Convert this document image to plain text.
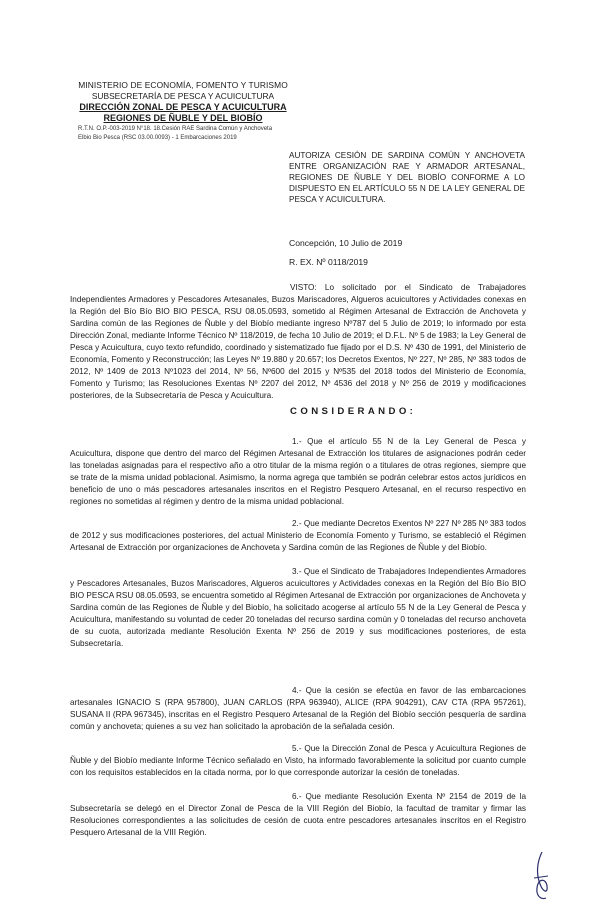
MINISTERIO DE ECONOMÍA, FOMENTO Y TURISMO
SUBSECRETARÍA DE PESCA Y ACUICULTURA
DIRECCIÓN ZONAL DE PESCA Y ACUICULTURA
REGIONES DE ÑUBLE Y DEL BIOBÍO
R.T.N. O.P.-003-2019 N°18. 18.Cesión RAE Sardina Común y Anchoveta
Elbio Bio Pesca (RSC 03.00.0093) - 1 Embarcaciones 2019
AUTORIZA CESIÓN DE SARDINA COMÚN Y ANCHOVETA ENTRE ORGANIZACIÓN RAE Y ARMADOR ARTESANAL, REGIONES DE ÑUBLE Y DEL BIOBÍO CONFORME A LO DISPUESTO EN EL ARTÍCULO 55 N DE LA LEY GENERAL DE PESCA Y ACUICULTURA.
Concepción, 10 Julio de 2019
R. EX. Nº 0118/2019
VISTO: Lo solicitado por el Sindicato de Trabajadores Independientes Armadores y Pescadores Artesanales, Buzos Mariscadores, Algueros acuicultores y Actividades conexas en la Región del Bío Bío BIO BIO PESCA, RSU 08.05.0593, sometido al Régimen Artesanal de Extracción de Anchoveta y Sardina común de las Regiones de Ñuble y del Biobío mediante ingreso Nº787 del 5 Julio de 2019; lo informado por esta Dirección Zonal, mediante Informe Técnico Nº 118/2019, de fecha 10 Julio de 2019; el D.F.L. Nº 5 de 1983; la Ley General de Pesca y Acuicultura, cuyo texto refundido, coordinado y sistematizado fue fijado por el D.S. Nº 430 de 1991, del Ministerio de Economía, Fomento y Reconstrucción; las Leyes Nº 19.880 y 20.657; los Decretos Exentos, Nº 227, Nº 285, Nº 383 todos de 2012, Nº 1409 de 2013 Nº1023 del 2014, Nº 56, Nº600 del 2015 y Nº535 del 2018 todos del Ministerio de Economía, Fomento y Turismo; las Resoluciones Exentas Nº 2207 del 2012, Nº 4536 del 2018 y Nº 256 de 2019 y modificaciones posteriores, de la Subsecretaría de Pesca y Acuicultura.
CONSIDERANDO:
1.- Que el artículo 55 N de la Ley General de Pesca y Acuicultura, dispone que dentro del marco del Régimen Artesanal de Extracción los titulares de asignaciones podrán ceder las toneladas asignadas para el respectivo año a otro titular de la misma región o a titulares de otras regiones, siempre que se trate de la misma unidad poblacional. Asimismo, la norma agrega que también se podrán celebrar estos actos jurídicos en beneficio de uno o más pescadores artesanales inscritos en el Registro Pesquero Artesanal, en el recurso respectivo en regiones no sometidas al régimen y dentro de la misma unidad poblacional.
2.- Que mediante Decretos Exentos Nº 227 Nº 285 Nº 383 todos de 2012 y sus modificaciones posteriores, del actual Ministerio de Economía Fomento y Turismo, se estableció el Régimen Artesanal de Extracción por organizaciones de Anchoveta y Sardina común de las Regiones de Ñuble y del Biobío.
3.- Que el Sindicato de Trabajadores Independientes Armadores y Pescadores Artesanales, Buzos Mariscadores, Algueros acuicultores y Actividades conexas en la Región del Bío Bío BIO BIO PESCA RSU 08.05.0593, se encuentra sometido al Régimen Artesanal de Extracción por organizaciones de Anchoveta y Sardina común de las Regiones de Ñuble y del Biobío, ha solicitado acogerse al artículo 55 N de la Ley General de Pesca y Acuicultura, manifestando su voluntad de ceder 20 toneladas del recurso sardina común y 0 toneladas del recurso anchoveta de su cuota, autorizada mediante Resolución Exenta Nº 256 de 2019 y sus modificaciones posteriores, de esta Subsecretaría.
4.- Que la cesión se efectúa en favor de las embarcaciones artesanales IGNACIO S (RPA 957800), JUAN CARLOS (RPA 963940), ALICE (RPA 904291), CAV CTA (RPA 957261), SUSANA II (RPA 967345), inscritas en el Registro Pesquero Artesanal de la Región del Biobío sección pesquería de sardina común y anchoveta; quienes a su vez han solicitado la aprobación de la señalada cesión.
5.- Que la Dirección Zonal de Pesca y Acuicultura Regiones de Ñuble y del Biobío mediante Informe Técnico señalado en Visto, ha informado favorablemente la solicitud por cuanto cumple con los requisitos establecidos en la citada norma, por lo que corresponde autorizar la cesión de toneladas.
6.- Que mediante Resolución Exenta Nº 2154 de 2019 de la Subsecretaría se delegó en el Director Zonal de Pesca de la VIII Región del Biobío, la facultad de tramitar y firmar las Resoluciones correspondientes a las solicitudes de cesión de cuota entre pescadores artesanales inscritos en el Registro Pesquero Artesanal de la VIII Región.
